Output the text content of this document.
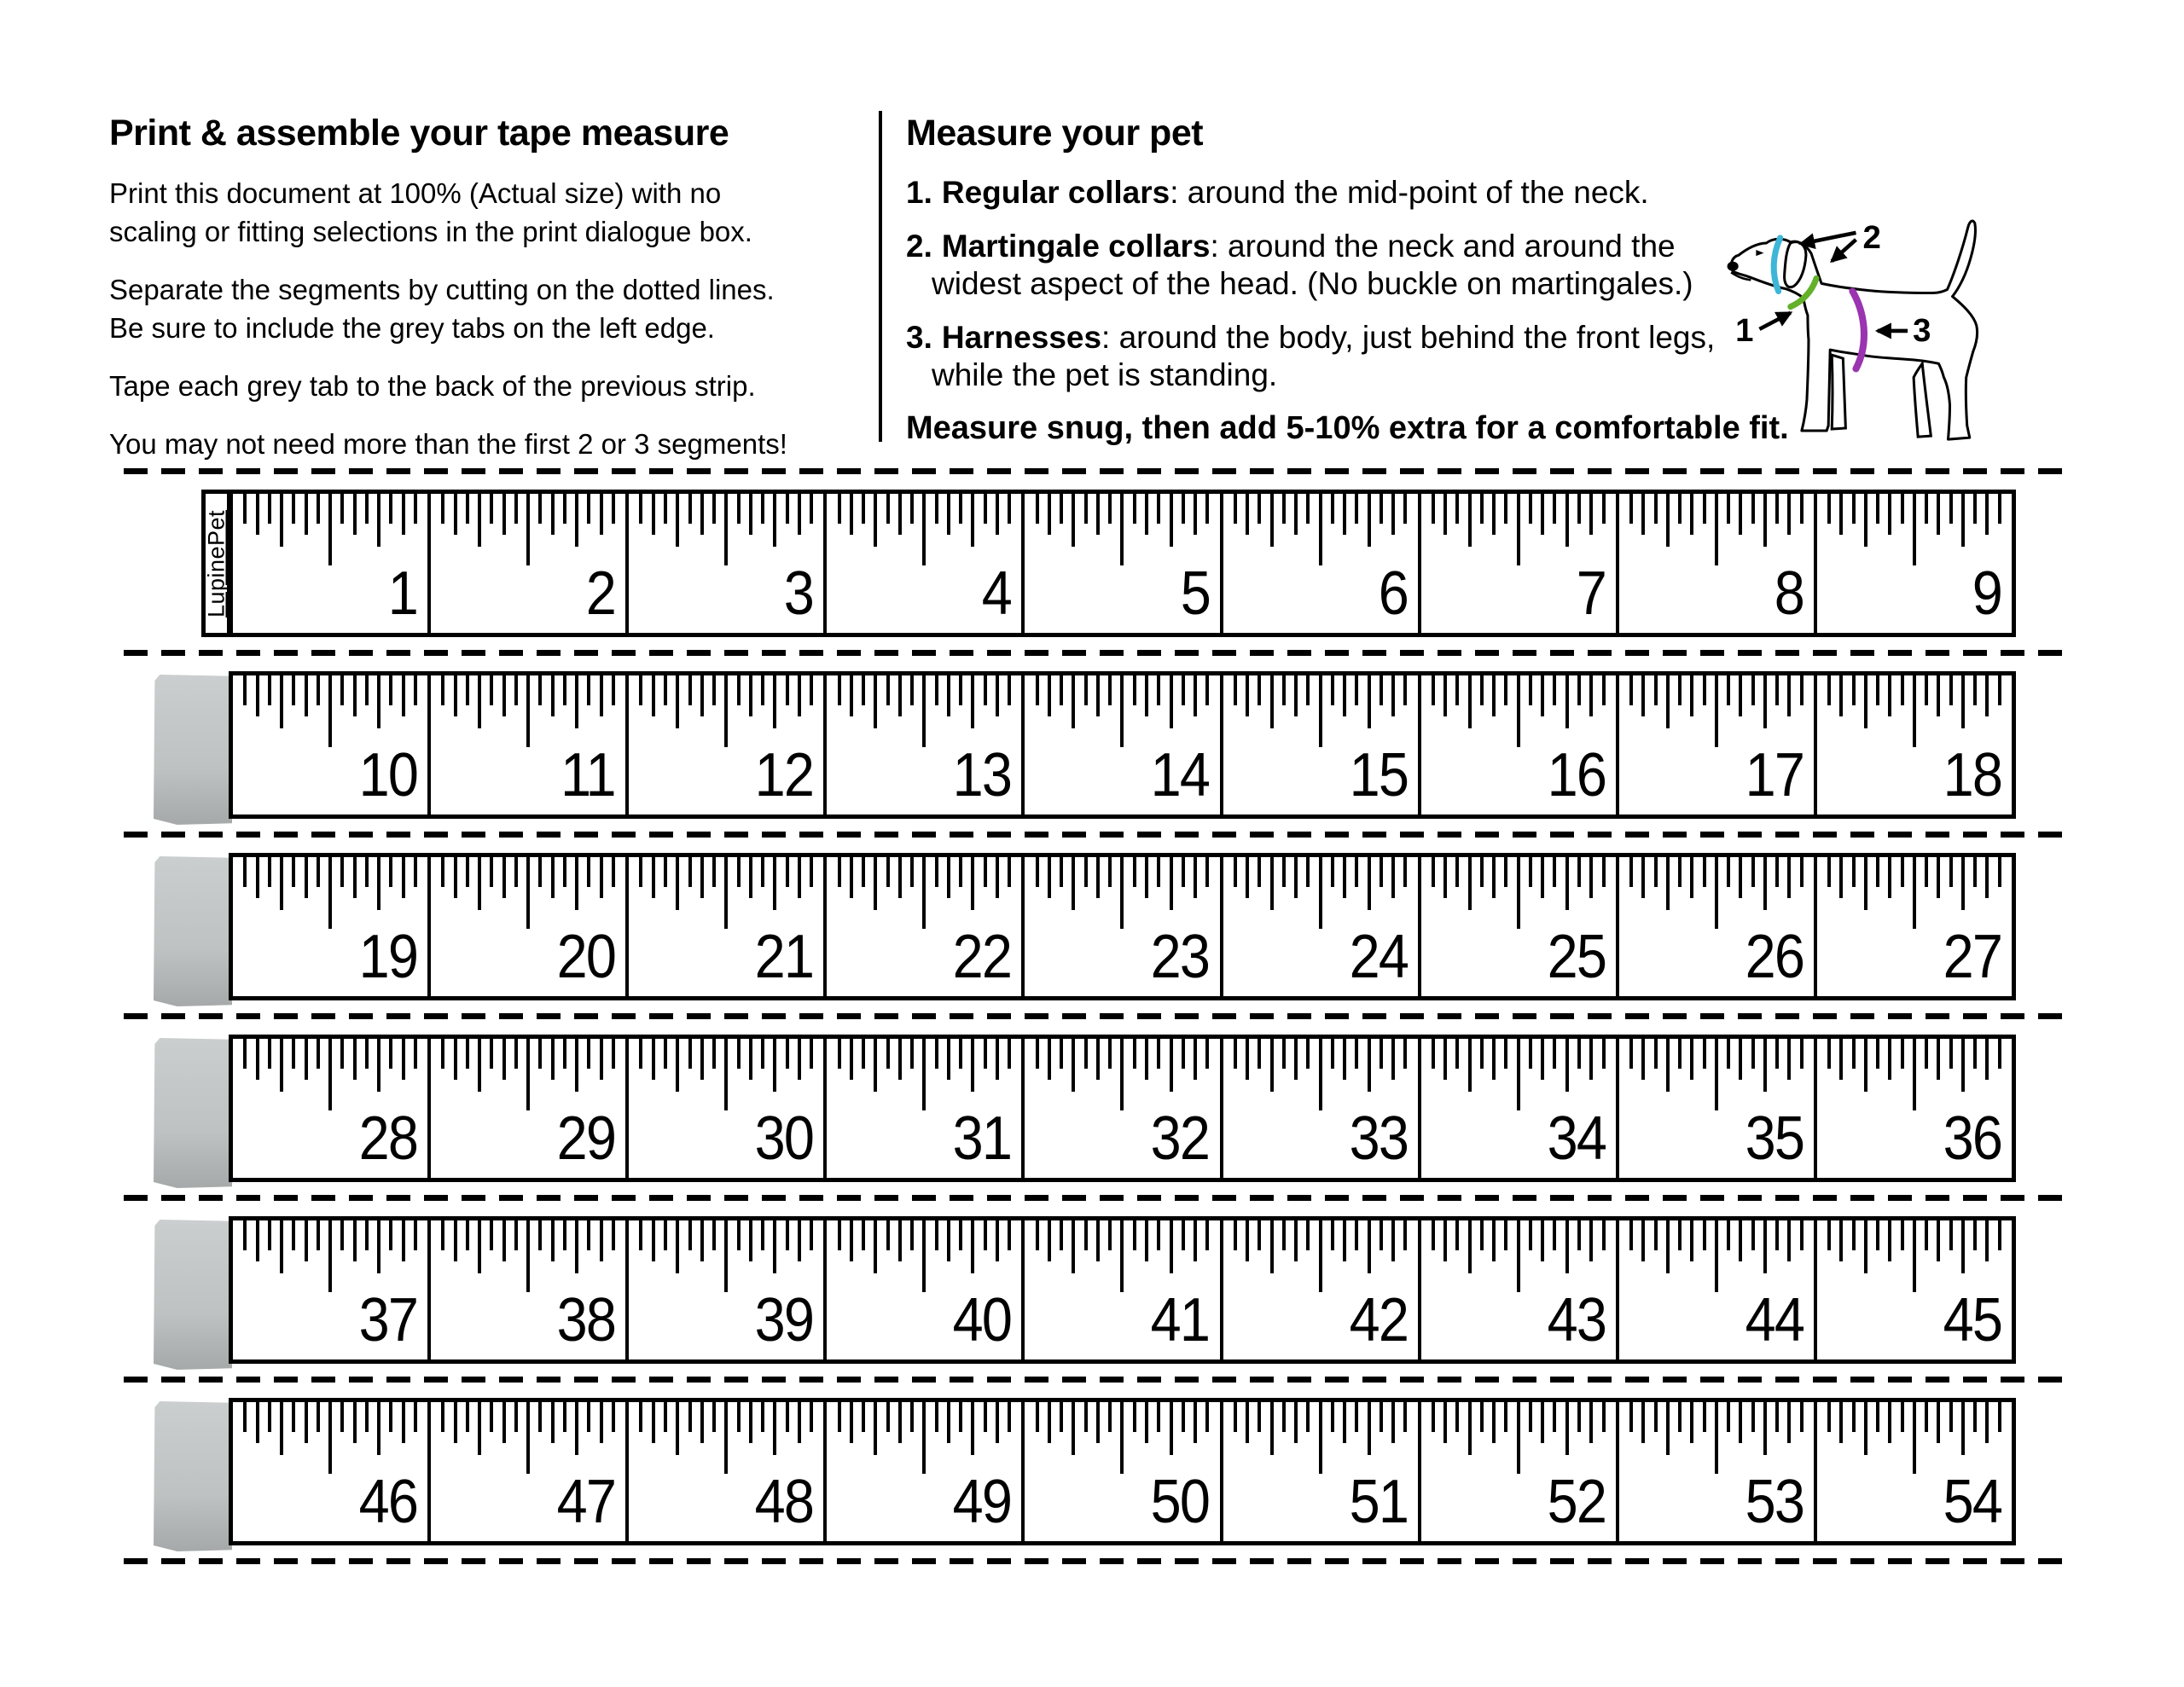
Print & assemble your tape measure

Print this document at 100% (Actual size) with no
scaling or fitting selections in the print dialogue box.

Separate the segments by cutting on the dotted lines.
Be sure to include the grey tabs on the left edge.

Tape each grey tab to the back of the previous strip.

You may not need more than the first 2 or 3 segments!

Measure your pet
1. Regular collars: around the mid-point of the neck.
2. Martingale collars: around the neck and around the
widest aspect of the head. (No buckle on martingales.)
3. Harnesses: around the body, just behind the front legs,
while the pet is standing.

Measure snug, then add 5-10% extra for a comfortable fit.

2
1	3
LupinePet	1	2	3	4	5	6	7	8	9
10 11 12 13 14 15 16 17 18
19 20 21 22 23 24 25 26 27
28 29 30 31 32 33 34 35 36
37 38 39 40 41 42 43 44 45
46 47 48 49 50 51 52 53 54
